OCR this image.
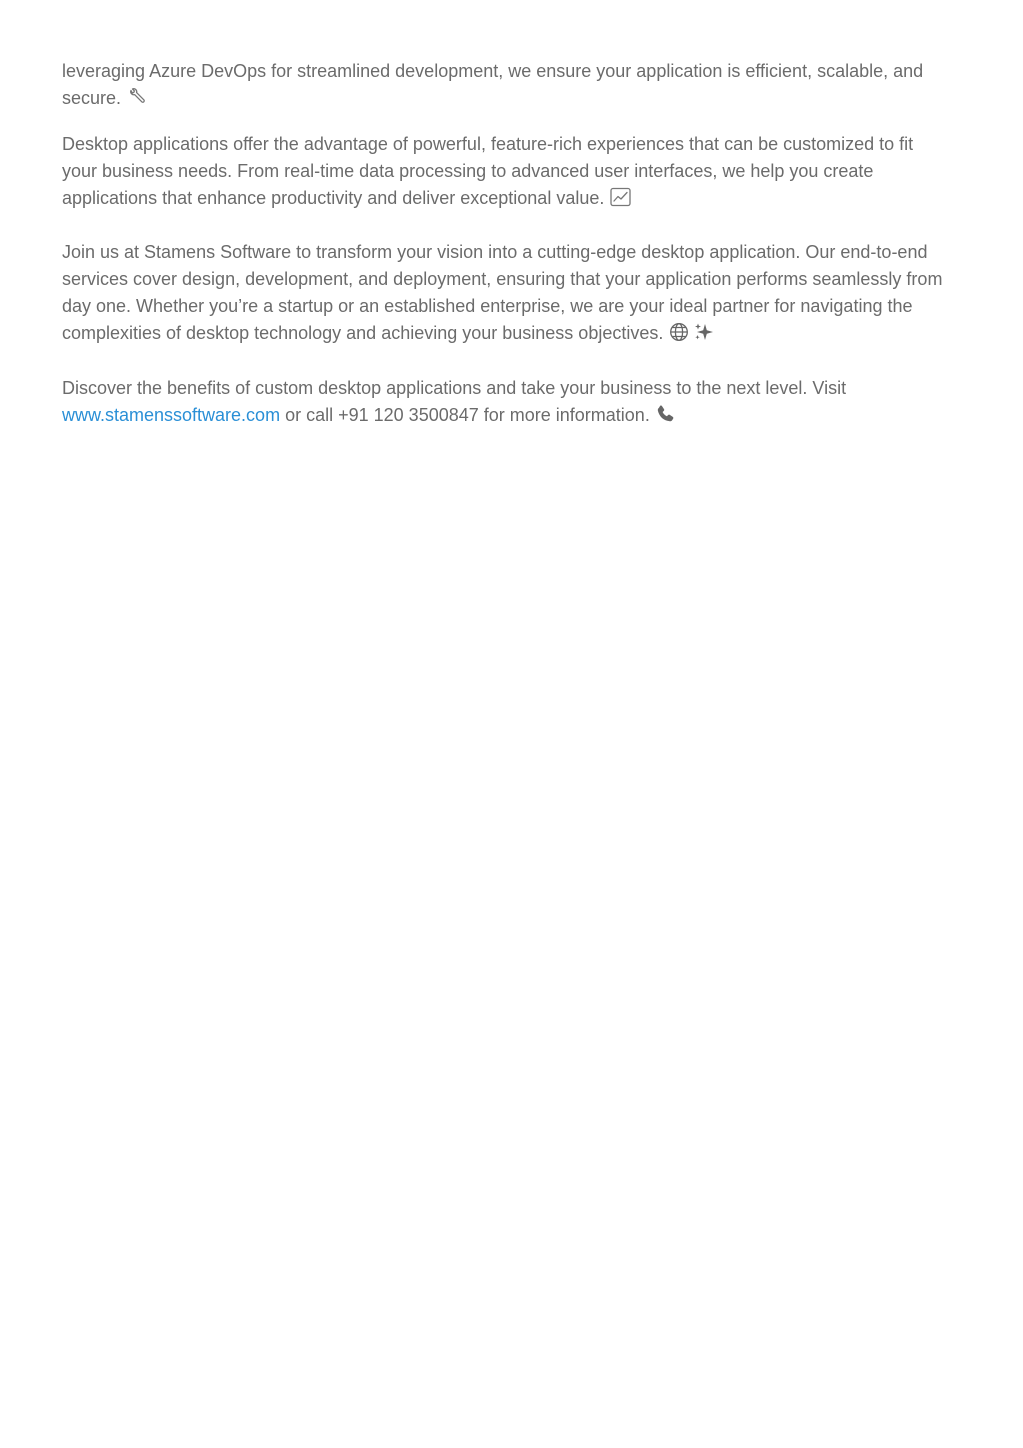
leveraging Azure DevOps for streamlined development, we ensure your application is efficient, scalable, and secure.

Desktop applications offer the advantage of powerful, feature-rich experiences that can be customized to fit your business needs. From real-time data processing to advanced user interfaces, we help you create applications that enhance productivity and deliver exceptional value.

Join us at Stamens Software to transform your vision into a cutting-edge desktop application. Our end-to-end services cover design, development, and deployment, ensuring that your application performs seamlessly from day one. Whether you’re a startup or an established enterprise, we are your ideal partner for navigating the complexities of desktop technology and achieving your business objectives.

Discover the benefits of custom desktop applications and take your business to the next level. Visit
www.stamenssoftware.com or call +91 120 3500847 for more information.
